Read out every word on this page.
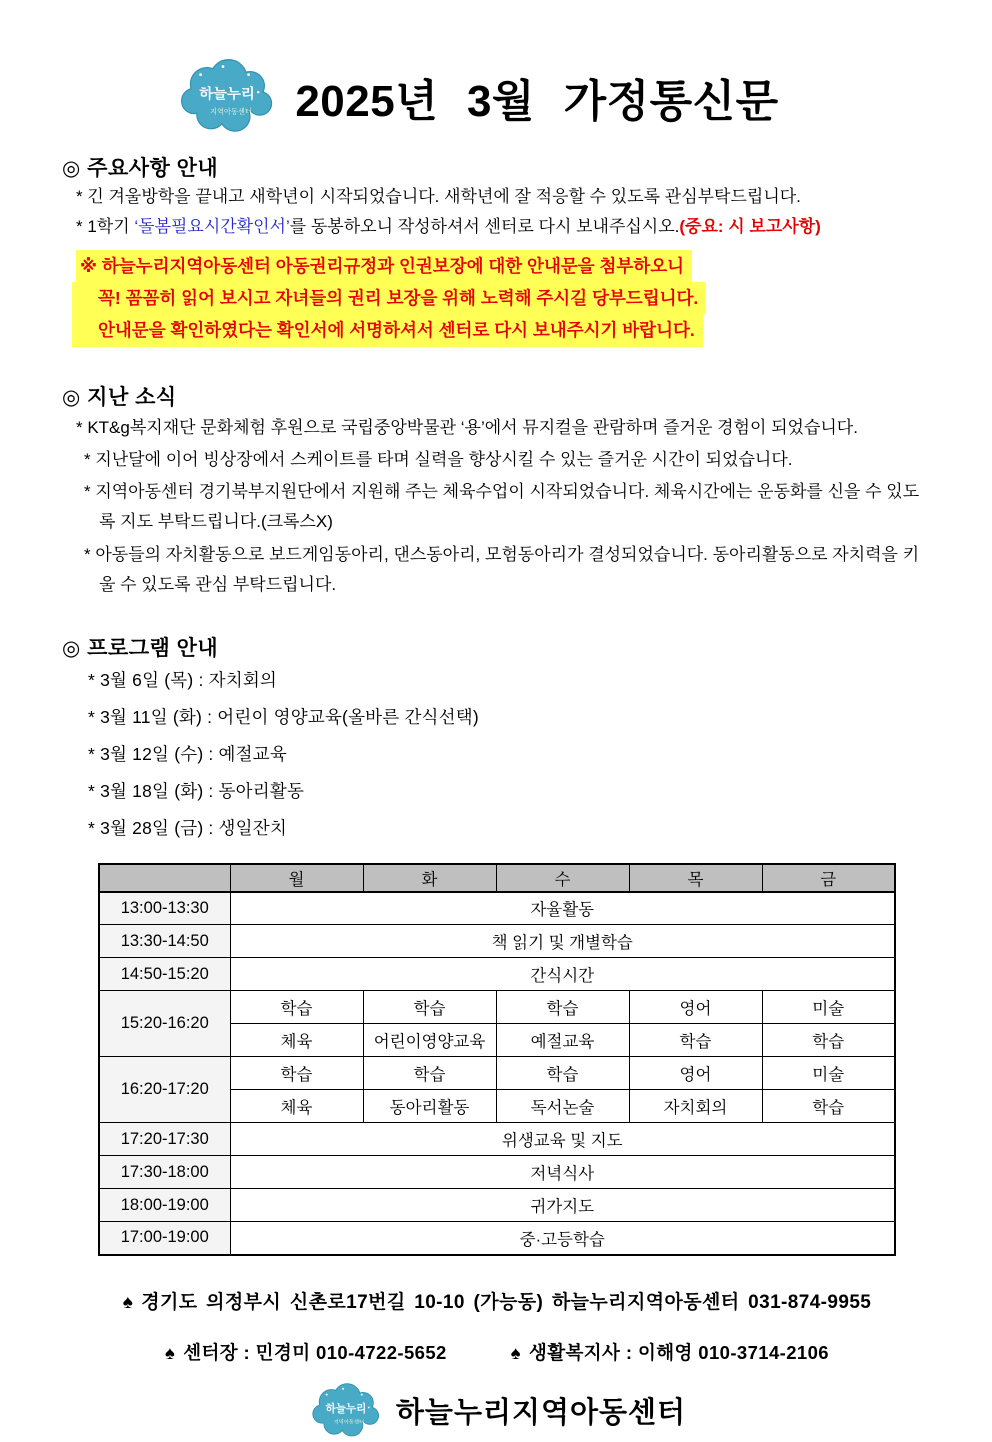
하늘누리
지역아동센터 2025년 3월 가정통신문
◎ 주요사항 안내

* 긴 겨울방학을 끝내고 새학년이 시작되었습니다. 새학년에 잘 적응할 수 있도록 관심부탁드립니다.

* 1학기 ‘돌봄필요시간확인서’를 동봉하오니 작성하셔서 센터로 다시 보내주십시오.(중요: 시 보고사항)

※ 하늘누리지역아동센터 아동권리규정과 인권보장에 대한 안내문을 첨부하오니
꼭! 꼼꼼히 읽어 보시고 자녀들의 권리 보장을 위해 노력해 주시길 당부드립니다.
안내문을 확인하였다는 확인서에 서명하셔서 센터로 다시 보내주시기 바랍니다.
◎ 지난 소식

* KT&g복지재단 문화체험 후원으로 국립중앙박물관 ‘용’에서 뮤지컬을 관람하며 즐거운 경험이 되었습니다.

* 지난달에 이어 빙상장에서 스케이트를 타며 실력을 향상시킬 수 있는 즐거운 시간이 되었습니다.

* 지역아동센터 경기북부지원단에서 지원해 주는 체육수업이 시작되었습니다. 체육시간에는 운동화를 신을 수 있도록 지도 부탁드립니다.(크록스X)

* 아동들의 자치활동으로 보드게임동아리, 댄스동아리, 모험동아리가 결성되었습니다. 동아리활동으로 자치력을 키울 수 있도록 관심 부탁드립니다.

◎ 프로그램 안내

* 3월 6일 (목) : 자치회의

* 3월 11일 (화) : 어린이 영양교육(올바른 간식선택)

* 3월 12일 (수) : 예절교육

* 3월 18일 (화) : 동아리활동

* 3월 28일 (금) : 생일잔치

	월	화	수	목	금
13:00-13:30	자율활동				
13:30-14:50	책 읽기 및 개별학습				
14:50-15:20	간식시간				
15:20-16:20	학습	학습	학습	영어	미술
	체육	어린이영양교육	예절교육	학습	학습
16:20-17:20	학습	학습	학습	영어	미술
	체육	동아리활동	독서논술	자치회의	학습
17:20-17:30	위생교육 및 지도				
17:30-18:00	저녁식사				
18:00-19:00	귀가지도				
17:00-19:00	중·고등학습				
♠ 경기도 의정부시 신촌로17번길 10-10 (가능동) 하늘누리지역아동센터 031-874-9955
♠ 센터장 : 민경미 010-4722-5652	♠ 생활복지사 : 이해영 010-3714-2106
하늘누리
지역아동센터 하늘누리지역아동센터
